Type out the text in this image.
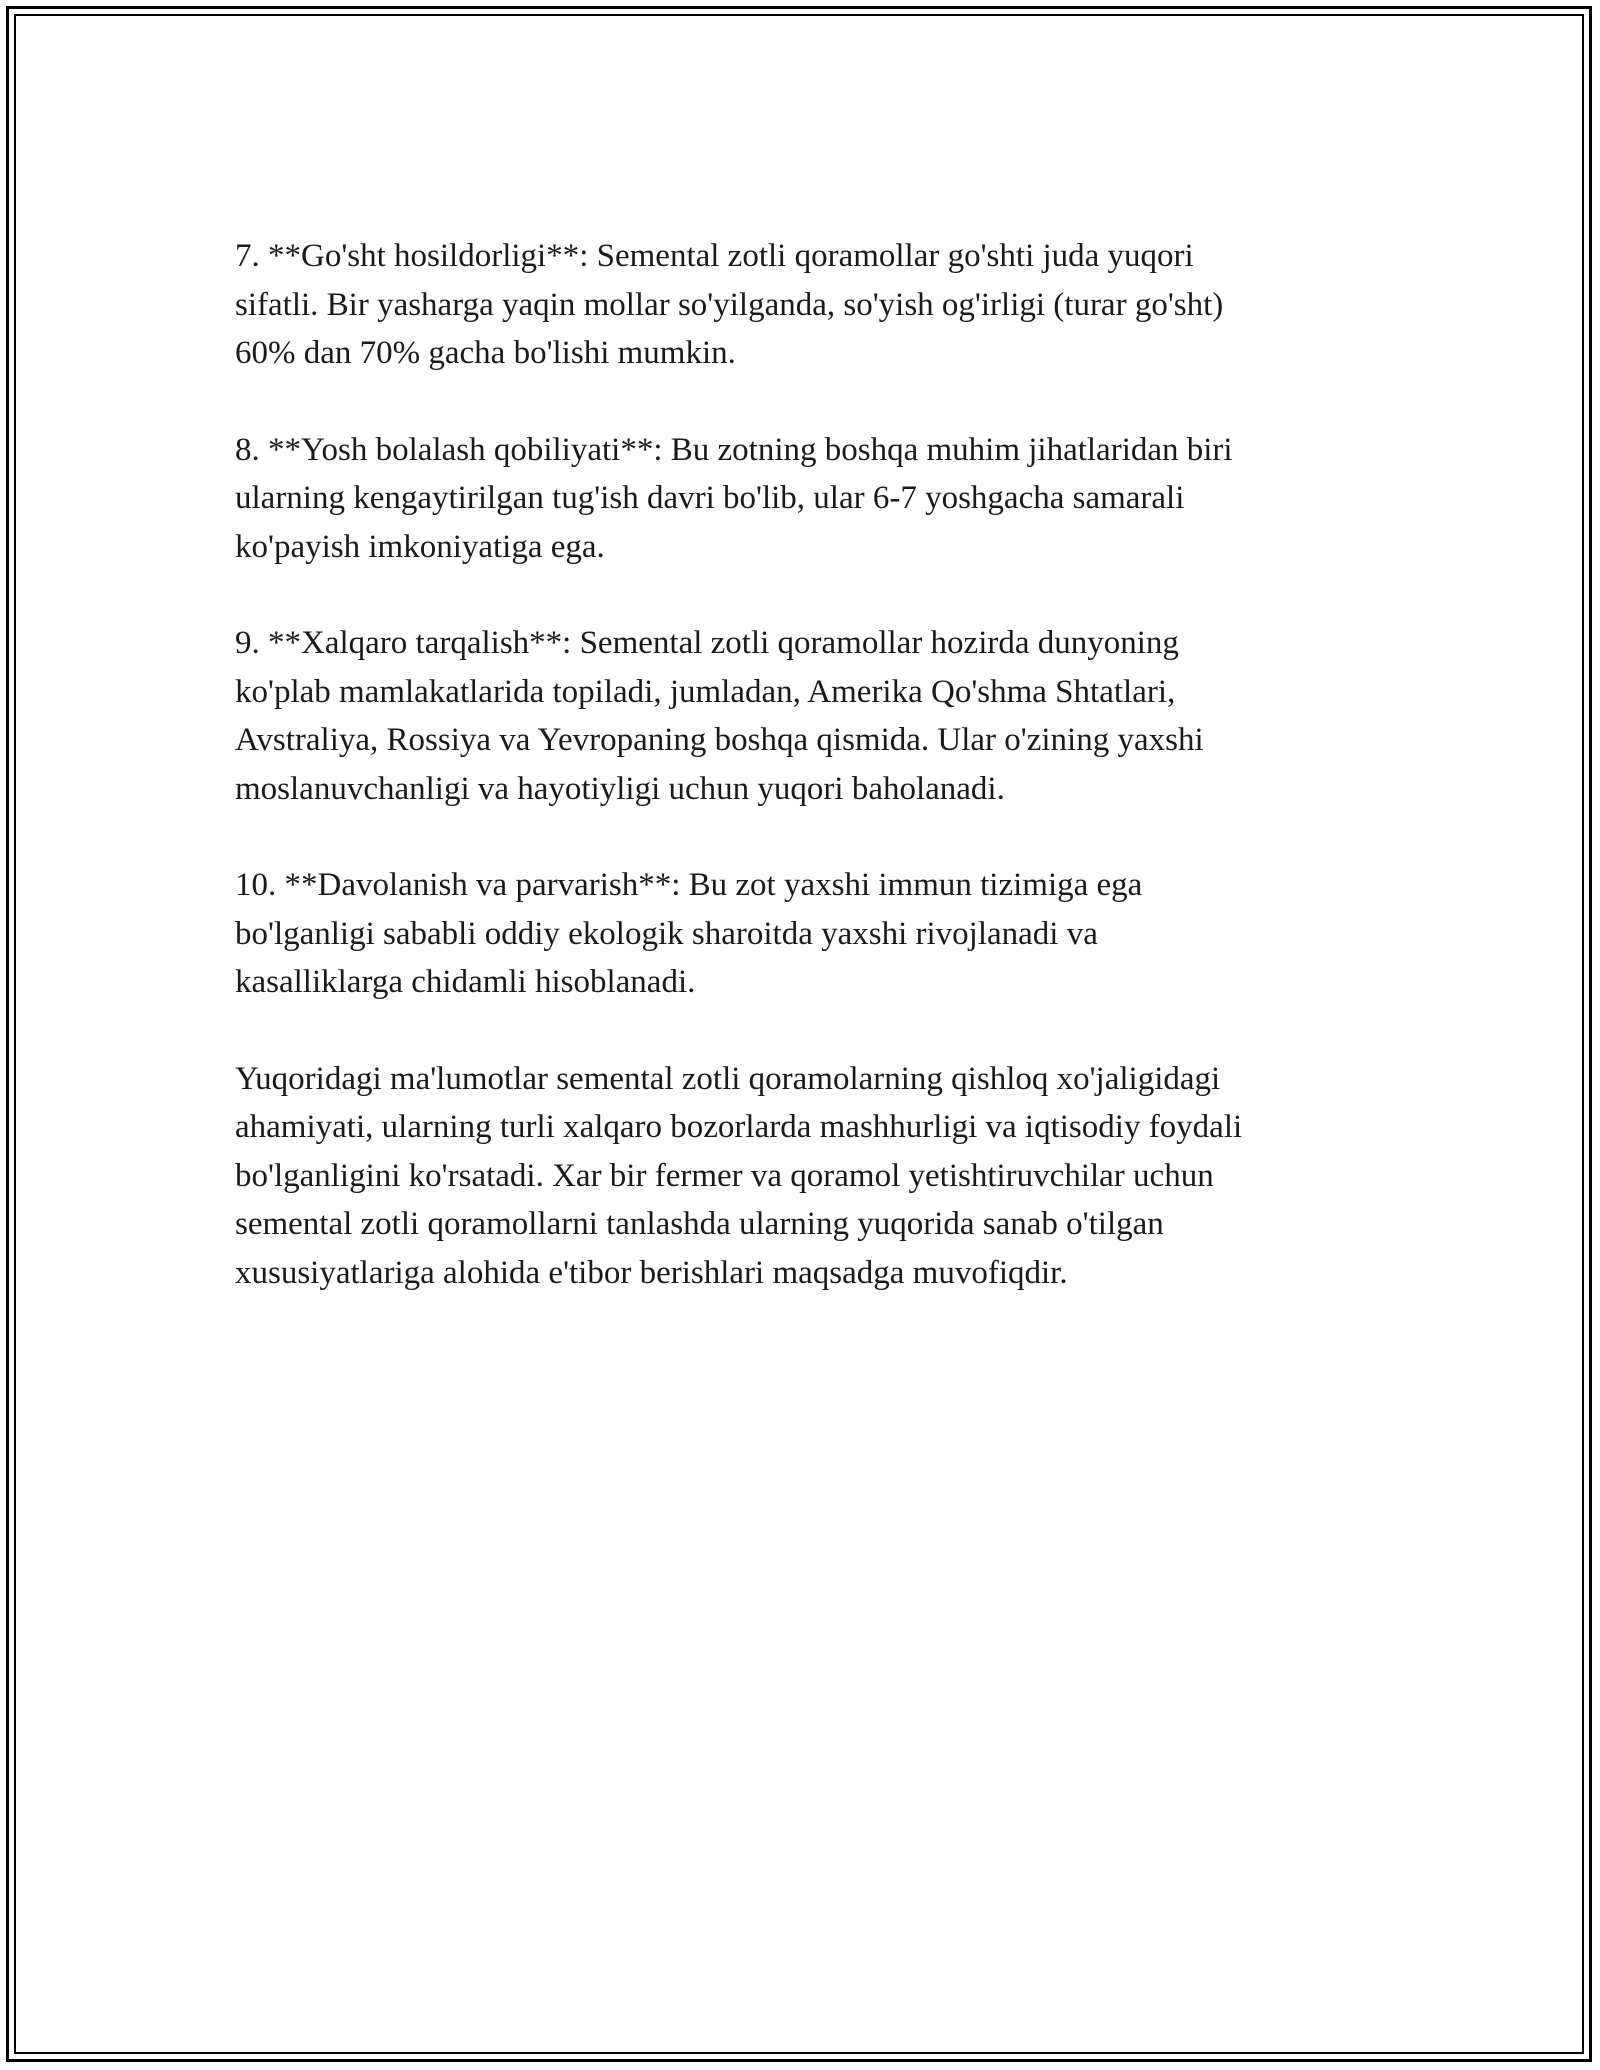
7. **Go'sht hosildorligi**: Semental zotli qoramollar go'shti juda yuqori
sifatli. Bir yasharga yaqin mollar so'yilganda, so'yish og'irligi (turar go'sht)
60% dan 70% gacha bo'lishi mumkin.

8. **Yosh bolalash qobiliyati**: Bu zotning boshqa muhim jihatlaridan biri
ularning kengaytirilgan tug'ish davri bo'lib, ular 6-7 yoshgacha samarali
ko'payish imkoniyatiga ega.

9. **Xalqaro tarqalish**: Semental zotli qoramollar hozirda dunyoning
ko'plab mamlakatlarida topiladi, jumladan, Amerika Qo'shma Shtatlari,
Avstraliya, Rossiya va Yevropaning boshqa qismida. Ular o'zining yaxshi
moslanuvchanligi va hayotiyligi uchun yuqori baholanadi.

10. **Davolanish va parvarish**: Bu zot yaxshi immun tizimiga ega
bo'lganligi sababli oddiy ekologik sharoitda yaxshi rivojlanadi va
kasalliklarga chidamli hisoblanadi.

Yuqoridagi ma'lumotlar semental zotli qoramolarning qishloq xo'jaligidagi
ahamiyati, ularning turli xalqaro bozorlarda mashhurligi va iqtisodiy foydali
bo'lganligini ko'rsatadi. Xar bir fermer va qoramol yetishtiruvchilar uchun
semental zotli qoramollarni tanlashda ularning yuqorida sanab o'tilgan
xususiyatlariga alohida e'tibor berishlari maqsadga muvofiqdir.
